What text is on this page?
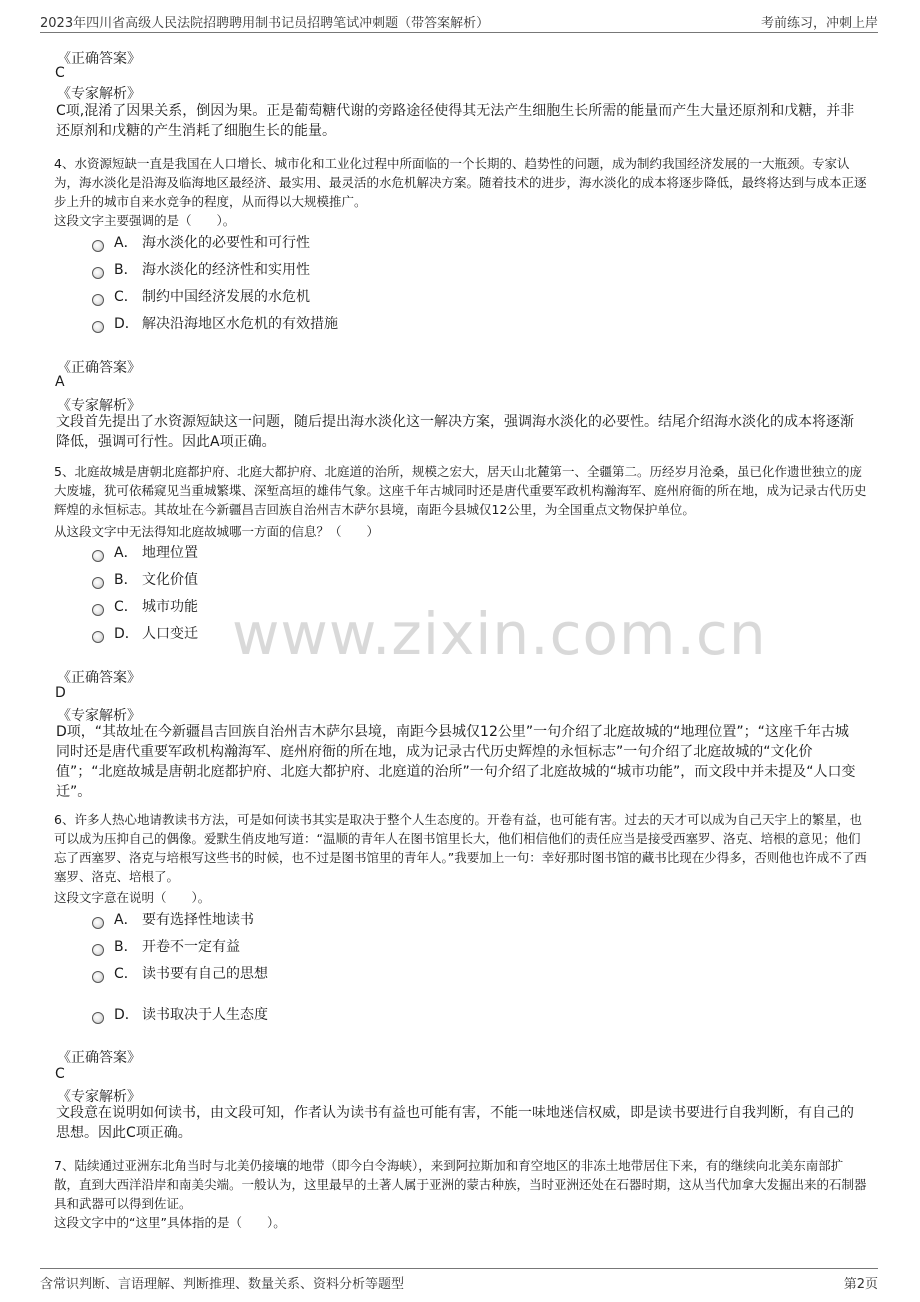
2023年四川省高级人民法院招聘聘用制书记员招聘笔试冲刺题（带答案解析）	考前练习，冲刺上岸
《正确答案》
C
《专家解析》
C项,混淆了因果关系，倒因为果。正是葡萄糖代谢的旁路途径使得其无法产生细胞生长所需的能量而产生大量还原剂和戊糖，并非还原剂和戊糖的产生消耗了细胞生长的能量。
4、水资源短缺一直是我国在人口增长、城市化和工业化过程中所面临的一个长期的、趋势性的问题，成为制约我国经济发展的一大瓶颈。专家认为，海水淡化是沿海及临海地区最经济、最实用、最灵活的水危机解决方案。随着技术的进步，海水淡化的成本将逐步降低，最终将达到与成本正逐步上升的城市自来水竞争的程度，从而得以大规模推广。
这段文字主要强调的是（　　）。
A． 海水淡化的必要性和可行性
B． 海水淡化的经济性和实用性
C． 制约中国经济发展的水危机
D． 解决沿海地区水危机的有效措施
《正确答案》
A
《专家解析》
文段首先提出了水资源短缺这一问题，随后提出海水淡化这一解决方案，强调海水淡化的必要性。结尾介绍海水淡化的成本将逐渐降低，强调可行性。因此A项正确。
5、北庭故城是唐朝北庭都护府、北庭大都护府、北庭道的治所，规模之宏大，居天山北麓第一、全疆第二。历经岁月沧桑，虽已化作遗世独立的庞大废墟，犹可依稀窥见当重城繁堞、深堑高垣的雄伟气象。这座千年古城同时还是唐代重要军政机构瀚海军、庭州府衙的所在地，成为记录古代历史辉煌的永恒标志。其故址在今新疆昌吉回族自治州吉木萨尔县境，南距今县城仅12公里，为全国重点文物保护单位。
从这段文字中无法得知北庭故城哪一方面的信息？（　　）
A． 地理位置
B． 文化价值
C． 城市功能
D． 人口变迁
《正确答案》
D
《专家解析》
D项，“其故址在今新疆昌吉回族自治州吉木萨尔县境，南距今县城仅12公里”一句介绍了北庭故城的“地理位置”；“这座千年古城同时还是唐代重要军政机构瀚海军、庭州府衙的所在地，成为记录古代历史辉煌的永恒标志”一句介绍了北庭故城的“文化价值”；“北庭故城是唐朝北庭都护府、北庭大都护府、北庭道的治所”一句介绍了北庭故城的“城市功能”，而文段中并未提及“人口变迁”。
6、许多人热心地请教读书方法，可是如何读书其实是取决于整个人生态度的。开卷有益，也可能有害。过去的天才可以成为自己天宇上的繁星，也可以成为压抑自己的偶像。爱默生俏皮地写道：“温顺的青年人在图书馆里长大，他们相信他们的责任应当是接受西塞罗、洛克、培根的意见；他们忘了西塞罗、洛克与培根写这些书的时候，也不过是图书馆里的青年人。”我要加上一句：幸好那时图书馆的藏书比现在少得多，否则他也许成不了西塞罗、洛克、培根了。
这段文字意在说明（　　）。
A． 要有选择性地读书
B． 开卷不一定有益
C． 读书要有自己的思想
D． 读书取决于人生态度
《正确答案》
C
《专家解析》
文段意在说明如何读书，由文段可知，作者认为读书有益也可能有害，不能一味地迷信权威，即是读书要进行自我判断，有自己的思想。因此C项正确。
7、陆续通过亚洲东北角当时与北美仍接壤的地带（即今白令海峡），来到阿拉斯加和育空地区的非冻土地带居住下来，有的继续向北美东南部扩散，直到大西洋沿岸和南美尖端。一般认为，这里最早的土著人属于亚洲的蒙古种族，当时亚洲还处在石器时期，这从当代加拿大发掘出来的石制器具和武器可以得到佐证。
这段文字中的“这里”具体指的是（　　）。
www.zixin.com.cn
含常识判断、言语理解、判断推理、数量关系、资料分析等题型	第2页
